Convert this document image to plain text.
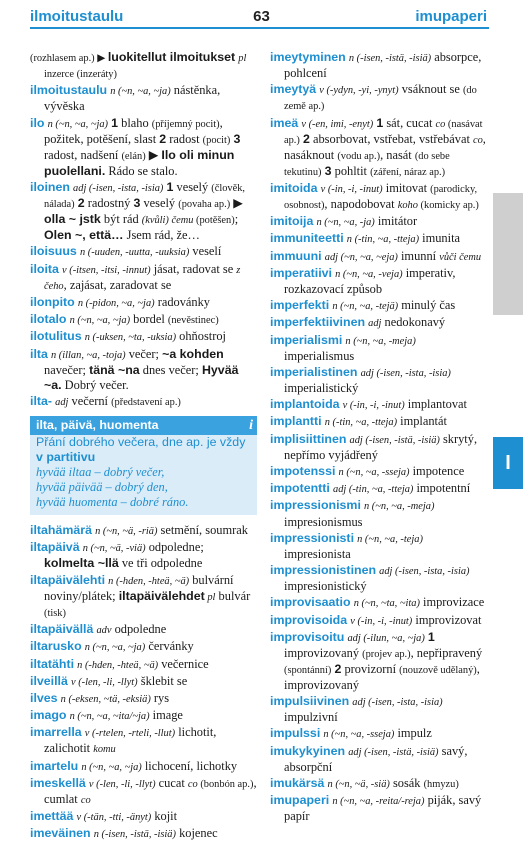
ilmoitustaulu	63	imupaperi
I

(rozhlasem ap.) ▶ luokitellut ilmoitukset pl inzerce (inzeráty)

ilmoitustaulu n (~n, ~a, ~ja) nástěnka, vývěska

ilo n (~n, ~a, ~ja) 1 blaho (příjemný pocit), požitek, potěšení, slast 2 radost (pocit) 3 radost, nadšení (elán) ▶ Ilo oli minun puolellani. Rádo se stalo.

iloinen adj (-isen, -ista, -isia) 1 veselý (člověk, nálada) 2 radostný 3 veselý (povaha ap.) ▶ olla ~ jstk být rád (kvůli) čemu (potěšen); Olen ~, että… Jsem rád, že…

iloisuus n (-uuden, -uutta, -uuksia) veselí

iloita v (-itsen, -itsi, -innut) jásat, radovat se z čeho, zajásat, zaradovat se

ilonpito n (-pidon, ~a, ~ja) radovánky

ilotalo n (~n, ~a, ~ja) bordel (nevěstinec)

ilotulitus n (-uksen, ~ta, -uksia) ohňostroj

ilta n (illan, ~a, -toja) večer; ~a kohden navečer; tänä ~na dnes večer; Hyvää ~a. Dobrý večer.

ilta- adj večerní (představení ap.)

ilta, päivä, huomenta	i
Přání dobrého večera, dne ap. je vždy
v partitivu
hyvää iltaa – dobrý večer,
hyvää päivää – dobrý den,
hyvää huomenta – dobré ráno.

iltahämärä n (~n, ~ä, -riä) setmění, soumrak

iltapäivä n (~n, ~ä, -viä) odpoledne; kolmelta ~llä ve tři odpoledne

iltapäivälehti n (-hden, -hteä, ~ä) bulvární noviny/plátek; iltapäivälehdet pl bulvár (tisk)

iltapäivällä adv odpoledne

iltarusko n (~n, ~a, ~ja) červánky

iltatähti n (-hden, -hteä, ~ä) večernice

ilveillä v (-len, -li, -llyt) šklebit se

ilves n (-eksen, ~tä, -eksiä) rys

imago n (~n, ~a, ~ita/~ja) image

imarrella v (-rtelen, -rteli, -llut) lichotit, zalichotit komu

imartelu n (~n, ~a, ~ja) lichocení, lichotky

imeskellä v (-len, -li, -llyt) cucat co (bonbón ap.), cumlat co

imettää v (-tän, -tti, -änyt) kojit

imeväinen n (-isen, -istä, -isiä) kojenec

imeytyminen n (-isen, -istä, -isiä) absorpce, pohlcení

imeytyä v (-ydyn, -yi, -ynyt) vsáknout se (do země ap.)

imeä v (-en, imi, -enyt) 1 sát, cucat co (nasávat ap.) 2 absorbovat, vstřebat, vstřebávat co, nasáknout (vodu ap.), nasát (do sebe tekutinu) 3 pohltit (záření, náraz ap.)

imitoida v (-in, -i, -inut) imitovat (parodicky, osobnost), napodobovat koho (komicky ap.)

imitoija n (~n, ~a, -ja) imitátor

immuniteetti n (-tin, ~a, -tteja) imunita

immuuni adj (~n, ~a, ~eja) imunní vůči čemu

imperatiivi n (~n, ~a, -veja) imperativ, rozkazovací způsob

imperfekti n (~n, ~a, -tejä) minulý čas

imperfektiivinen adj nedokonavý

imperialismi n (~n, ~a, -meja) imperialismus

imperialistinen adj (-isen, -ista, -isia) imperialistický

implantoida v (-in, -i, -inut) implantovat

implantti n (-tin, ~a, -tteja) implantát

implisiittinen adj (-isen, -istä, -isiä) skrytý, nepřímo vyjádřený

impotenssi n (~n, ~a, -sseja) impotence

impotentti adj (-tin, ~a, -tteja) impotentní

impressionismi n (~n, ~a, -meja) impresionismus

impressionisti n (~n, ~a, -teja) impresionista

impressionistinen adj (-isen, -ista, -isia) impresionistický

improvisaatio n (~n, ~ta, ~ita) improvizace

improvisoida v (-in, -i, -inut) improvizovat

improvisoitu adj (-ilun, ~a, ~ja) 1 improvizovaný (projev ap.), nepřipravený (spontánní) 2 provizorní (nouzově udělaný), improvizovaný

impulsiivinen adj (-isen, -ista, -isia) impulzivní

impulssi n (~n, ~a, -sseja) impulz

imukykyinen adj (-isen, -istä, -isiä) savý, absorpční

imukärsä n (~n, ~ä, -siä) sosák (hmyzu)

imupaperi n (~n, ~a, -reita/-reja) piják, savý papír
